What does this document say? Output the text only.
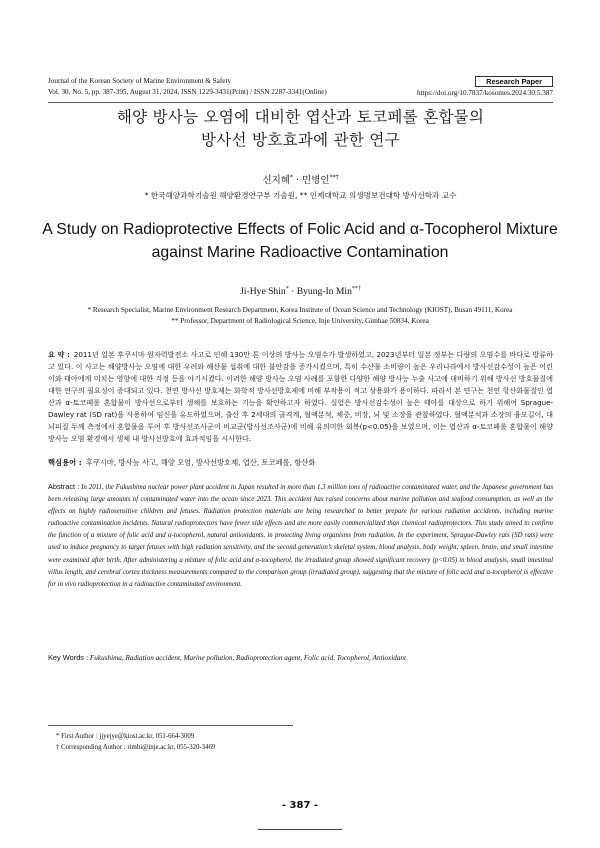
Journal of the Korean Society of Marine Environment & Safety
Vol. 30, No. 5, pp. 387-395, August 31, 2024, ISSN 1229-3431(Print) / ISSN 2287-3341(Online)
Research Paper
https://doi.org/10.7837/kosomes.2024.30.5.387
해양 방사능 오염에 대비한 엽산과 토코페롤 혼합물의
방사선 방호효과에 관한 연구
신지혜* · 민병인**†
* 한국해양과학기술원 해양환경연구부 기술원, ** 인제대학교 의생명보건대학 방사선학과 교수
A Study on Radioprotective Effects of Folic Acid and α-Tocopherol Mixture
against Marine Radioactive Contamination
Ji-Hye Shin* · Byung-In Min**†
* Research Specialist, Marine Environment Research Department, Korea Institute of Ocean Science and Technology (KIOST), Busan 49111, Korea
** Professor, Department of Radiological Science, Inje University, Gimhae 50834, Korea
요 약 : 2011년 일본 후쿠시마 원자력발전소 사고로 인해 130만 톤 이상의 방사능 오염수가 발생하였고, 2023년부터 일본 정부는 다량의 오염수를 바다로 방류하고 있다. 이 사고는 해양방사능 오염에 대한 우려와 해산물 섭취에 대한 불안감을 증가시켰으며, 특히 수산물 소비량이 높은 우리나라에서 방사선감수성이 높은 어린이와 태아에게 미치는 영향에 대한 걱정 등을 야기시켰다. 이러한 해양 방사능 오염 사례를 포함한 다양한 해양 방사능 누출 사고에 대비하기 위해 방사선 방호물질에 대한 연구의 필요성이 증대되고 있다. 천연 방사선 방호제는 화학적 방사선방호제에 비해 부작용이 적고 상용화가 용이하다. 따라서 본 연구는 천연 항산화물질인 엽산과 α-토코페롤 혼합물이 방사선으로부터 생체를 보호하는 기능을 확인하고자 하였다. 실험은 방사선감수성이 높은 태아를 대상으로 하기 위해여 Sprague-Dawley rat (SD rat)을 사용하여 임신을 유도하였으며, 출산 후 2세대의 골격계, 혈액분석, 체중, 비장, 뇌 및 소장을 관찰하였다. 혈액분석과 소장의 융모길이, 대뇌피질 두께 측정에서 혼합물을 투여 후 방사선조사군이 비교군(방사선조사군)에 비해 유의미한 회복(p<0.05)을 보였으며, 이는 엽산과 α-토코페롤 혼합물이 해양 방사능 오염 환경에서 생체 내 방사선방호에 효과적임을 시사한다.
핵심용어 : 후쿠시마, 방사능 사고, 해양 오염, 방사선방호제, 엽산, 토코페롤, 항산화
Abstract : In 2011, the Fukushima nuclear power plant accident in Japan resulted in more than 1.3 million tons of radioactive contaminated water, and the Japanese government has been releasing large amounts of contaminated water into the ocean since 2023. This accident has raised concerns about marine pollution and seafood consumption, as well as the effects on highly radiosensitive children and fetuses. Radiation protection materials are being researched to better prepare for various radiation accidents, including marine radioactive contamination incidents. Natural radioprotectors have fewer side effects and are more easily commercialized than chemical radioprotectors. This study aimed to confirm the function of a mixture of folic acid and α-tocopherol, natural antioxidants, in protecting living organisms from radiation. In the experiment, Sprague-Dawley rats (SD rats) were used to induce pregnancy to target fetuses with high radiation sensitivity, and the second generation’s skeletal system, blood analysis, body weight, spleen, brain, and small intestine were examined after birth. After administering a mixture of folic acid and α-tocopherol, the irradiated group showed significant recovery (p<0.05) in blood analysis, small intestinal villus length, and cerebral cortex thickness measurements compared to the comparison group (irradiated group), suggesting that the mixture of folic acid and α-tocopherol is effective for in vivo radioprotection in a radioactive contaminated environment.
Key Words : Fukushima, Radiation accident, Marine pollution, Radioprotection agent, Folic acid, Tocopherol, Antioxidant
* First Author : jjyejye@kiost.ac.kr, 051-664-3009
† Corresponding Author : rimbi@inje.ac.kr, 055-320-3469
- 387 -
